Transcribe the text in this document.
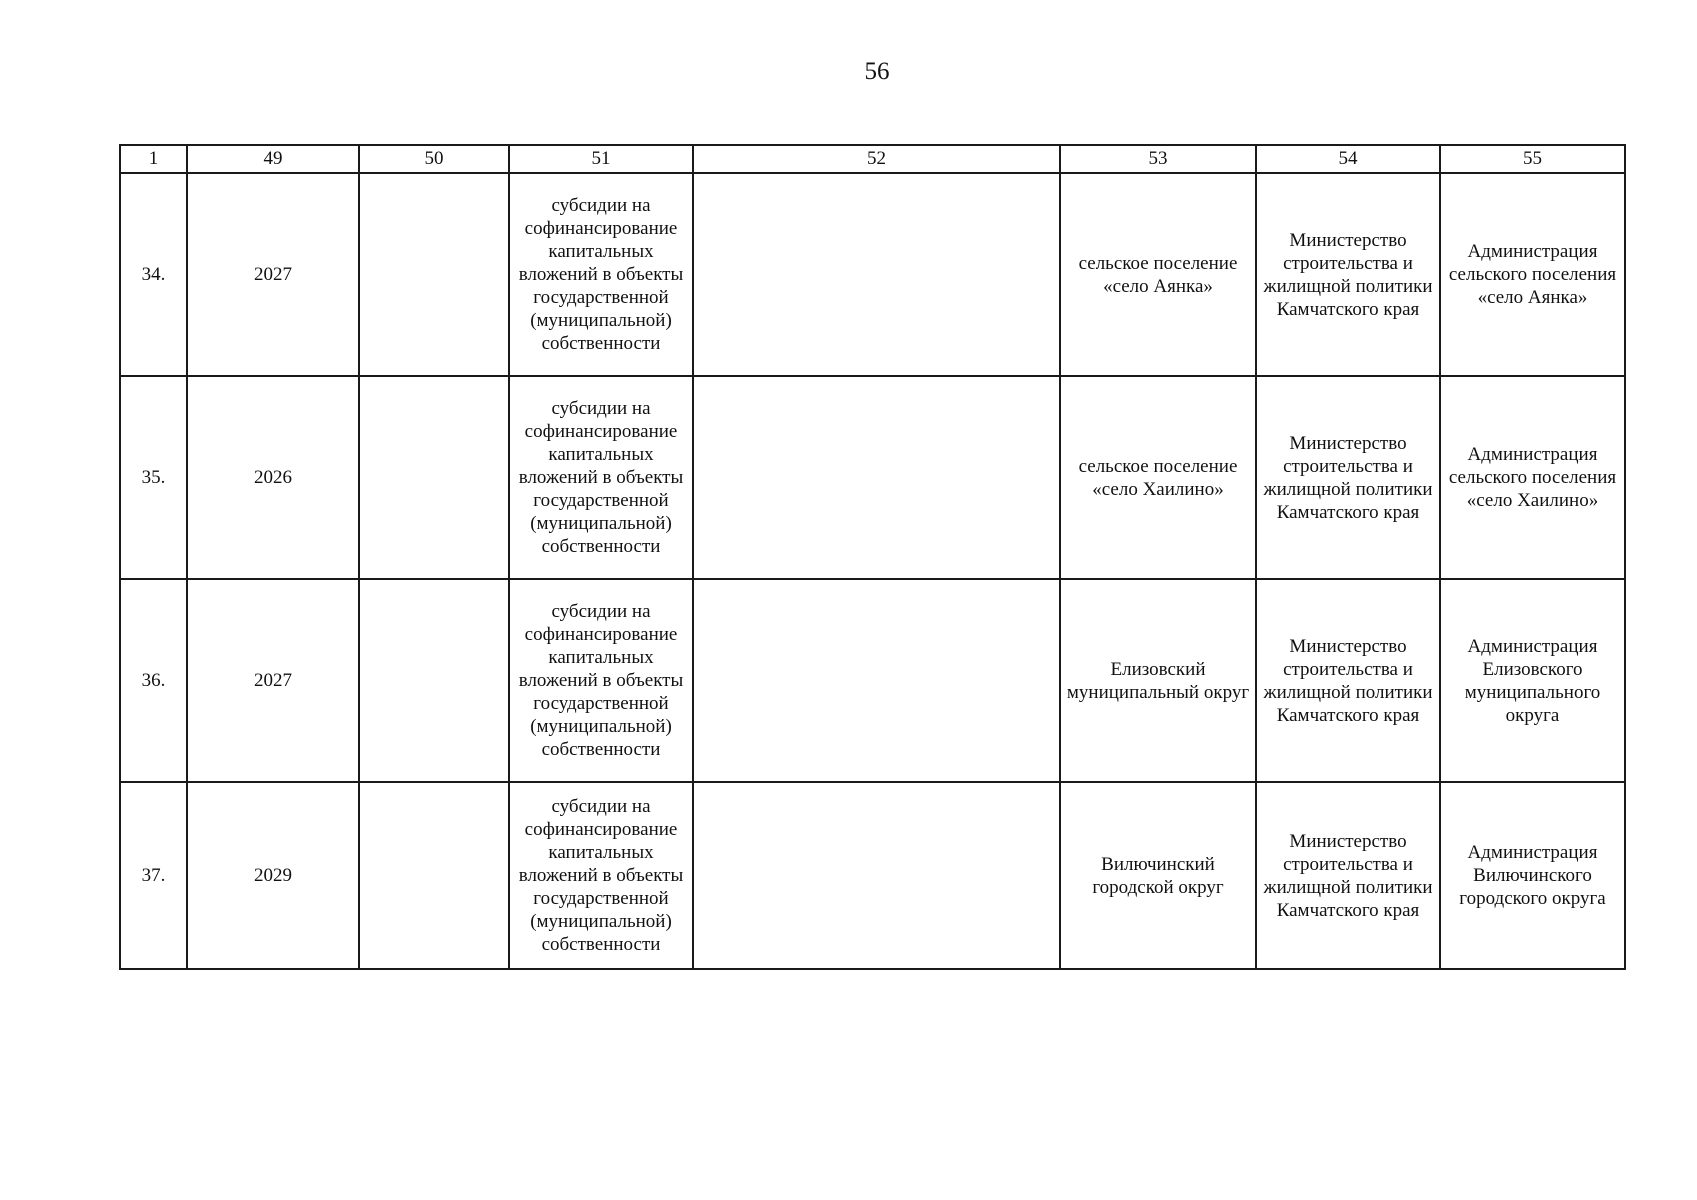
56
1	49	50	51	52	53	54	55
34.	2027		субсидии на софинансирование капитальных вложений в объекты государственной (муниципальной) собственности		сельское поселение «село Аянка»	Министерство строительства и жилищной политики Камчатского края	Администрация сельского поселения «село Аянка»
35.	2026		субсидии на софинансирование капитальных вложений в объекты государственной (муниципальной) собственности		сельское поселение «село Хаилино»	Министерство строительства и жилищной политики Камчатского края	Администрация сельского поселения «село Хаилино»
36.	2027		субсидии на софинансирование капитальных вложений в объекты государственной (муниципальной) собственности		Елизовский муниципальный округ	Министерство строительства и жилищной политики Камчатского края	Администрация Елизовского муниципального округа
37.	2029		субсидии на софинансирование капитальных вложений в объекты государственной (муниципальной) собственности		Вилючинский городской округ	Министерство строительства и жилищной политики Камчатского края	Администрация Вилючинского городского округа
